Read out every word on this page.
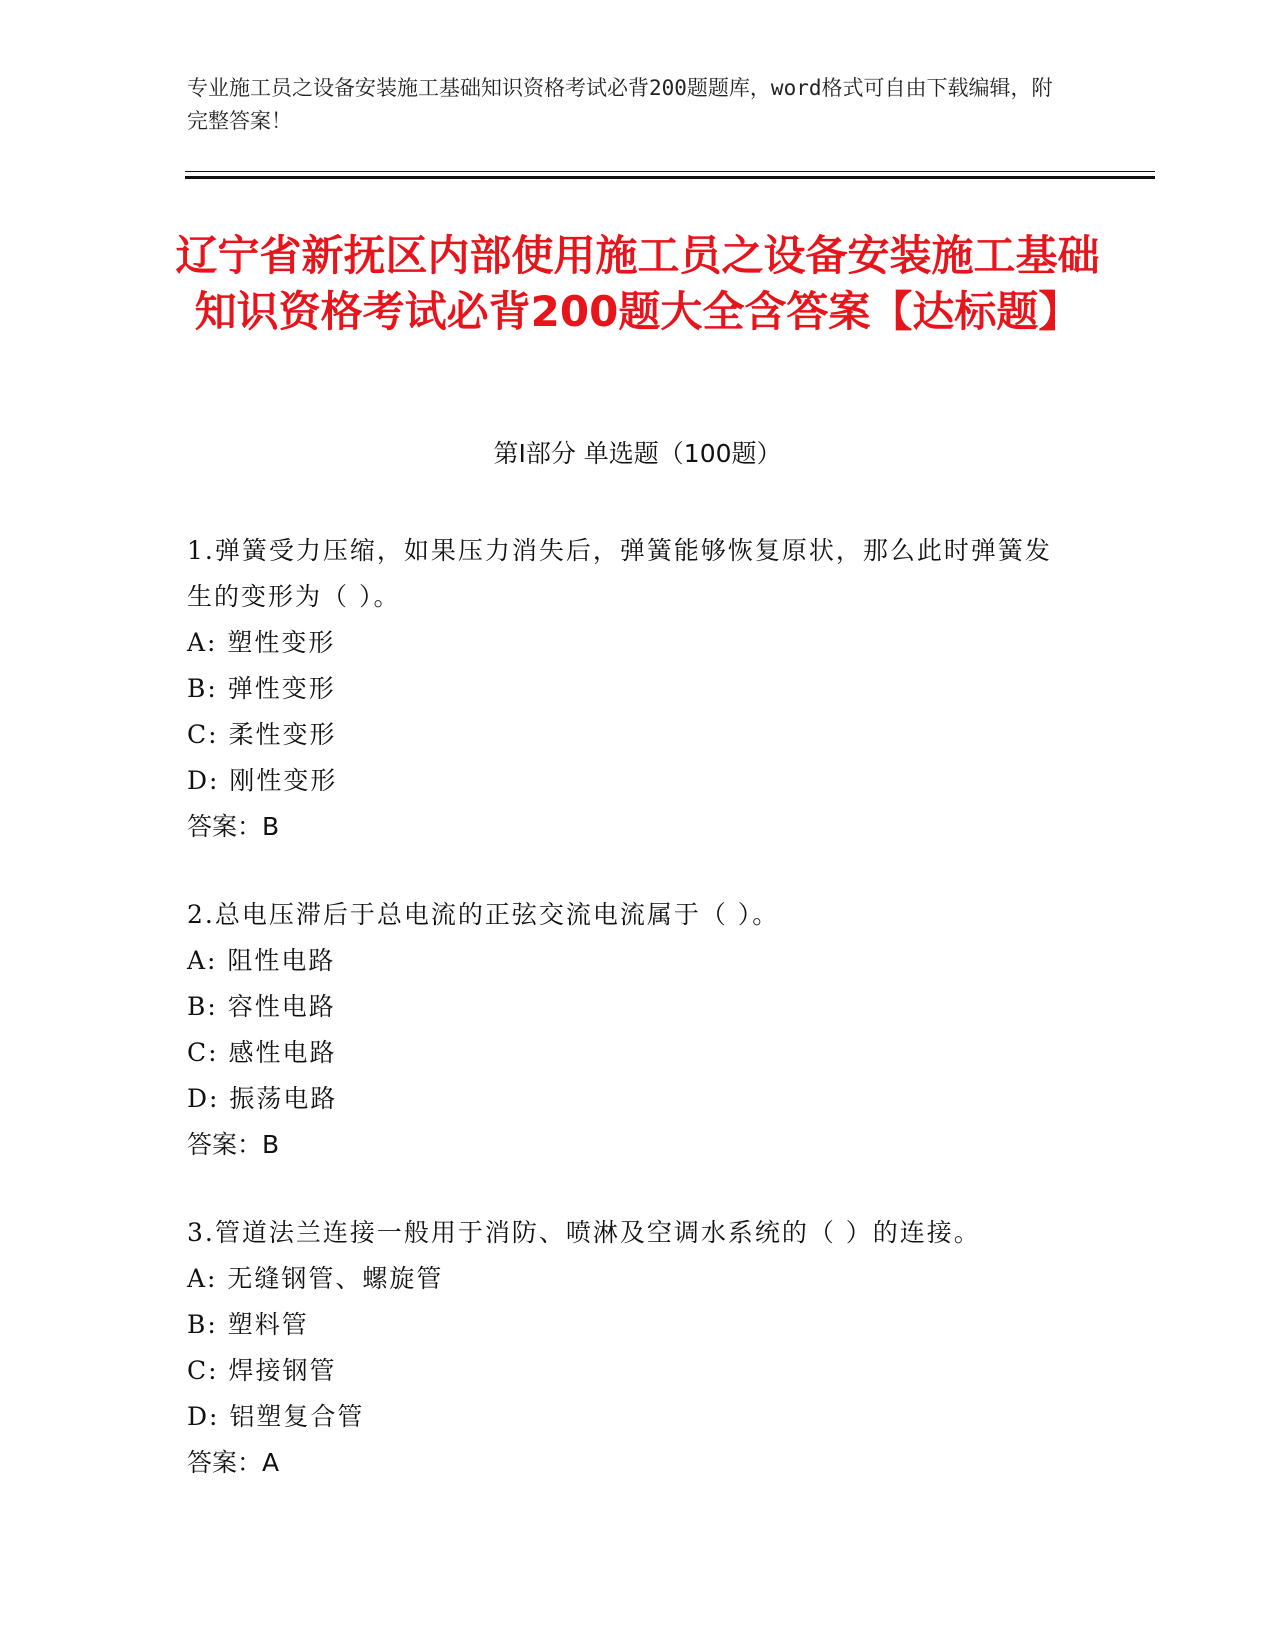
专业施工员之设备安装施工基础知识资格考试必背200题题库，word格式可自由下载编辑，附完整答案！
辽宁省新抚区内部使用施工员之设备安装施工基础知识资格考试必背200题大全含答案【达标题】
第Ⅰ部分 单选题（100题）
1.弹簧受力压缩，如果压力消失后，弹簧能够恢复原状，那么此时弹簧发生的变形为（ ）。
A: 塑性变形
B: 弹性变形
C: 柔性变形
D: 刚性变形
答案：B
2.总电压滞后于总电流的正弦交流电流属于（ ）。
A: 阻性电路
B: 容性电路
C: 感性电路
D: 振荡电路
答案：B
3.管道法兰连接一般用于消防、喷淋及空调水系统的（ ）的连接。
A: 无缝钢管、螺旋管
B: 塑料管
C: 焊接钢管
D: 铝塑复合管
答案：A
